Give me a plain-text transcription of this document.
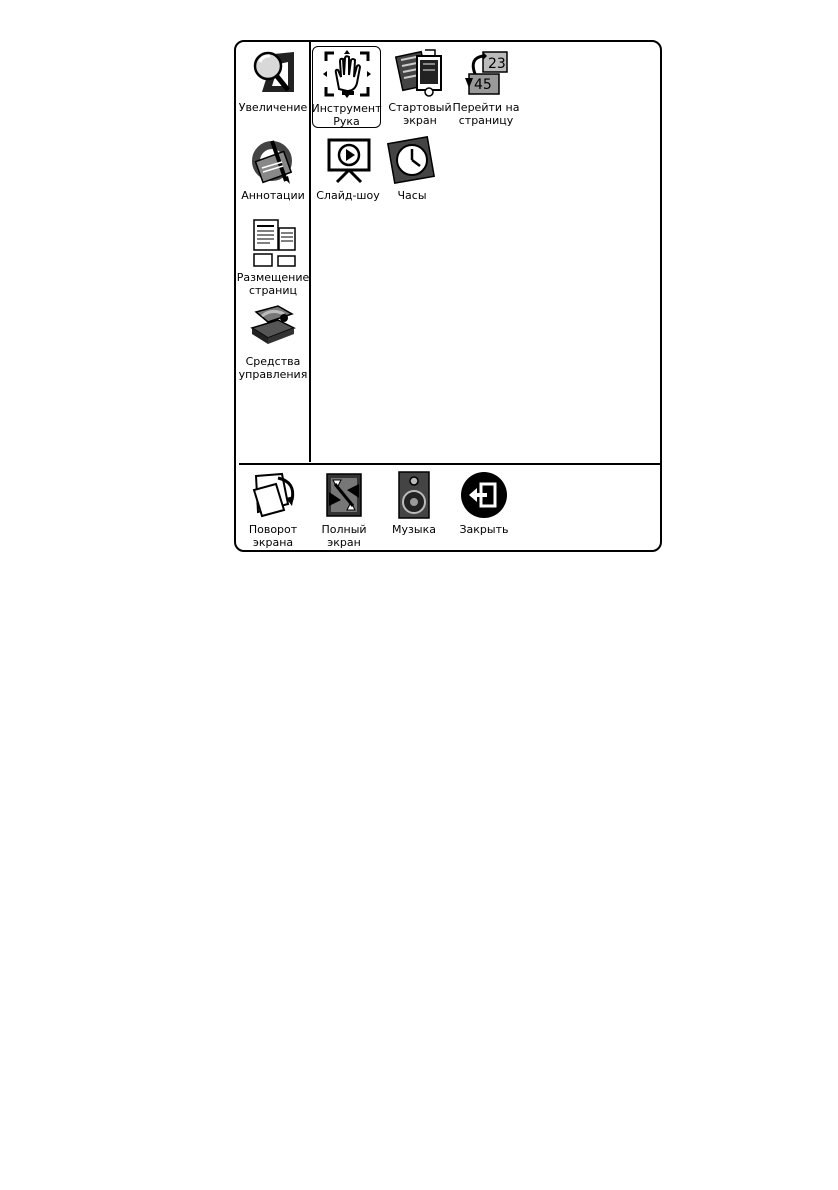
Увеличение
Аннотации
Размещение
страниц
Средства
управления
Инструмент
Рука
Стартовый
экран
23
45
Перейти на
страницу
Слайд-шоу Часы
Поворот
экрана
Полный
экран
Музыка Закрыть
